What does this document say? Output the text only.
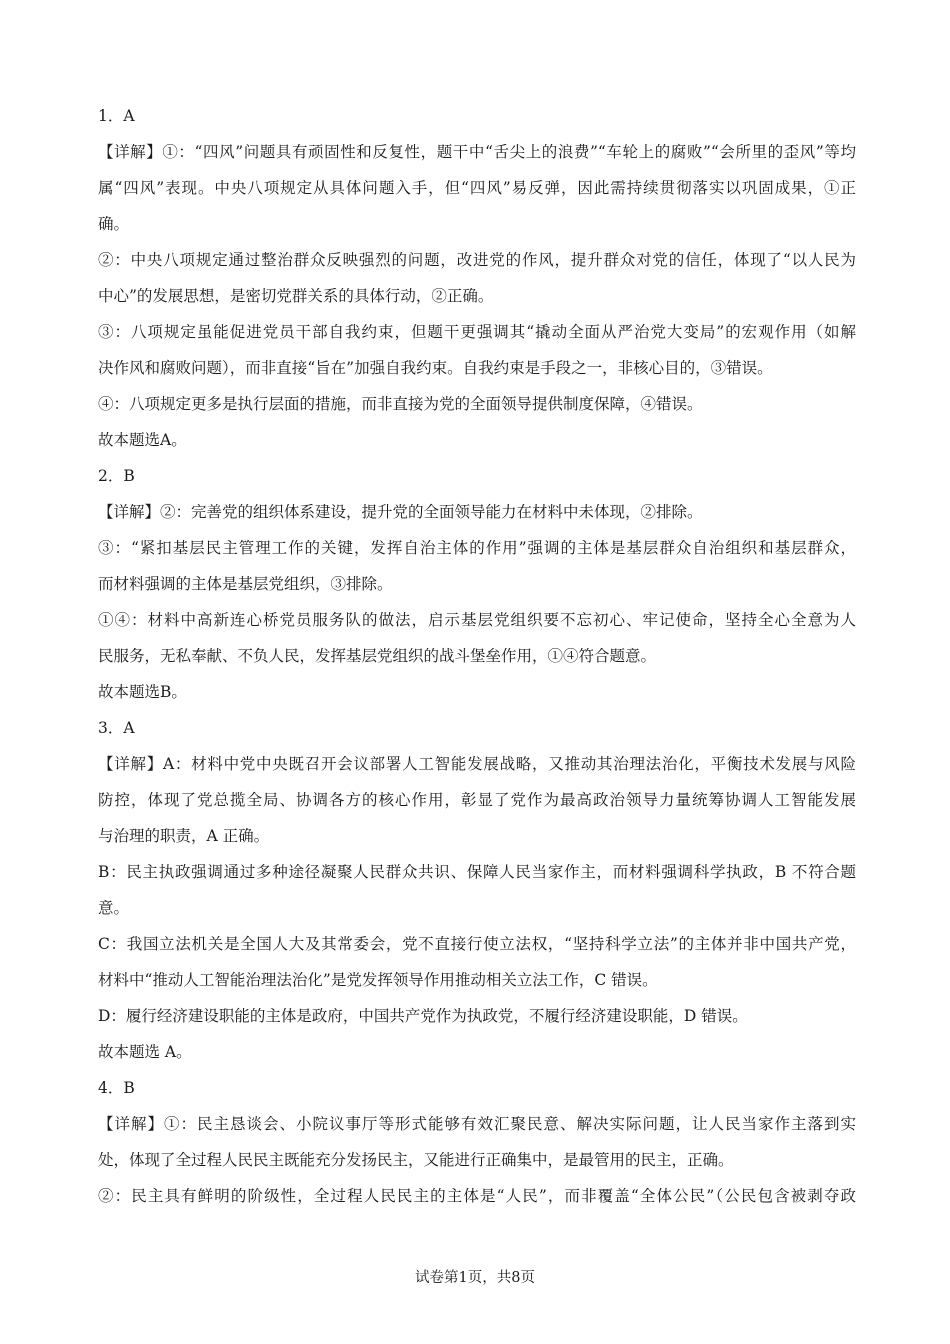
1．A
【详解】①：“四风”问题具有顽固性和反复性，题干中“舌尖上的浪费”“车轮上的腐败”“会所里的歪风”等均
属“四风”表现。中央八项规定从具体问题入手，但“四风”易反弹，因此需持续贯彻落实以巩固成果，①正
确。
②：中央八项规定通过整治群众反映强烈的问题，改进党的作风，提升群众对党的信任，体现了“以人民为
中心”的发展思想，是密切党群关系的具体行动，②正确。
③：八项规定虽能促进党员干部自我约束，但题干更强调其“撬动全面从严治党大变局”的宏观作用（如解
决作风和腐败问题），而非直接“旨在”加强自我约束。自我约束是手段之一，非核心目的，③错误。
④：八项规定更多是执行层面的措施，而非直接为党的全面领导提供制度保障，④错误。
故本题选A。
2．B
【详解】②：完善党的组织体系建设，提升党的全面领导能力在材料中未体现，②排除。
③：“紧扣基层民主管理工作的关键，发挥自治主体的作用”强调的主体是基层群众自治组织和基层群众，
而材料强调的主体是基层党组织，③排除。
①④：材料中高新连心桥党员服务队的做法，启示基层党组织要不忘初心、牢记使命，坚持全心全意为人
民服务，无私奉献、不负人民，发挥基层党组织的战斗堡垒作用，①④符合题意。
故本题选B。
3．A
【详解】A：材料中党中央既召开会议部署人工智能发展战略，又推动其治理法治化，平衡技术发展与风险
防控，体现了党总揽全局、协调各方的核心作用，彰显了党作为最高政治领导力量统筹协调人工智能发展
与治理的职责，A 正确。
B：民主执政强调通过多种途径凝聚人民群众共识、保障人民当家作主，而材料强调科学执政，B 不符合题
意。
C：我国立法机关是全国人大及其常委会，党不直接行使立法权，“坚持科学立法”的主体并非中国共产党，
材料中“推动人工智能治理法治化”是党发挥领导作用推动相关立法工作，C 错误。
D：履行经济建设职能的主体是政府，中国共产党作为执政党，不履行经济建设职能，D 错误。
故本题选 A。
4．B
【详解】①：民主恳谈会、小院议事厅等形式能够有效汇聚民意、解决实际问题，让人民当家作主落到实
处，体现了全过程人民民主既能充分发扬民主，又能进行正确集中，是最管用的民主，正确。
②：民主具有鲜明的阶级性，全过程人民民主的主体是“人民”，而非覆盖“全体公民”（公民包含被剥夺政
试卷第1页，共8页
